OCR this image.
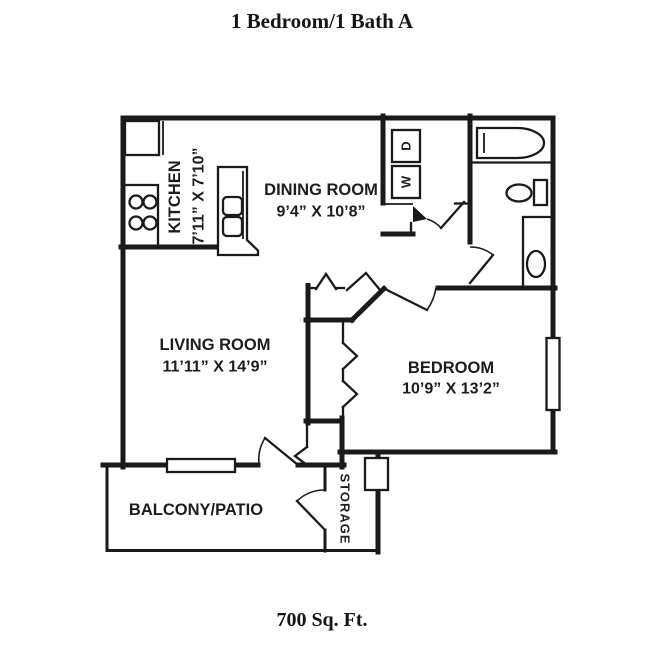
1 Bedroom/1 Bath A
KITCHEN 7’11” X 7’10”	DINING ROOM
9’4” X 10’8”
LIVING ROOM
11’11” X 14’9”	BEDROOM
10’9” X 13’2”
BALCONY/PATIO	STORAGE
D
W
700 Sq. Ft.
